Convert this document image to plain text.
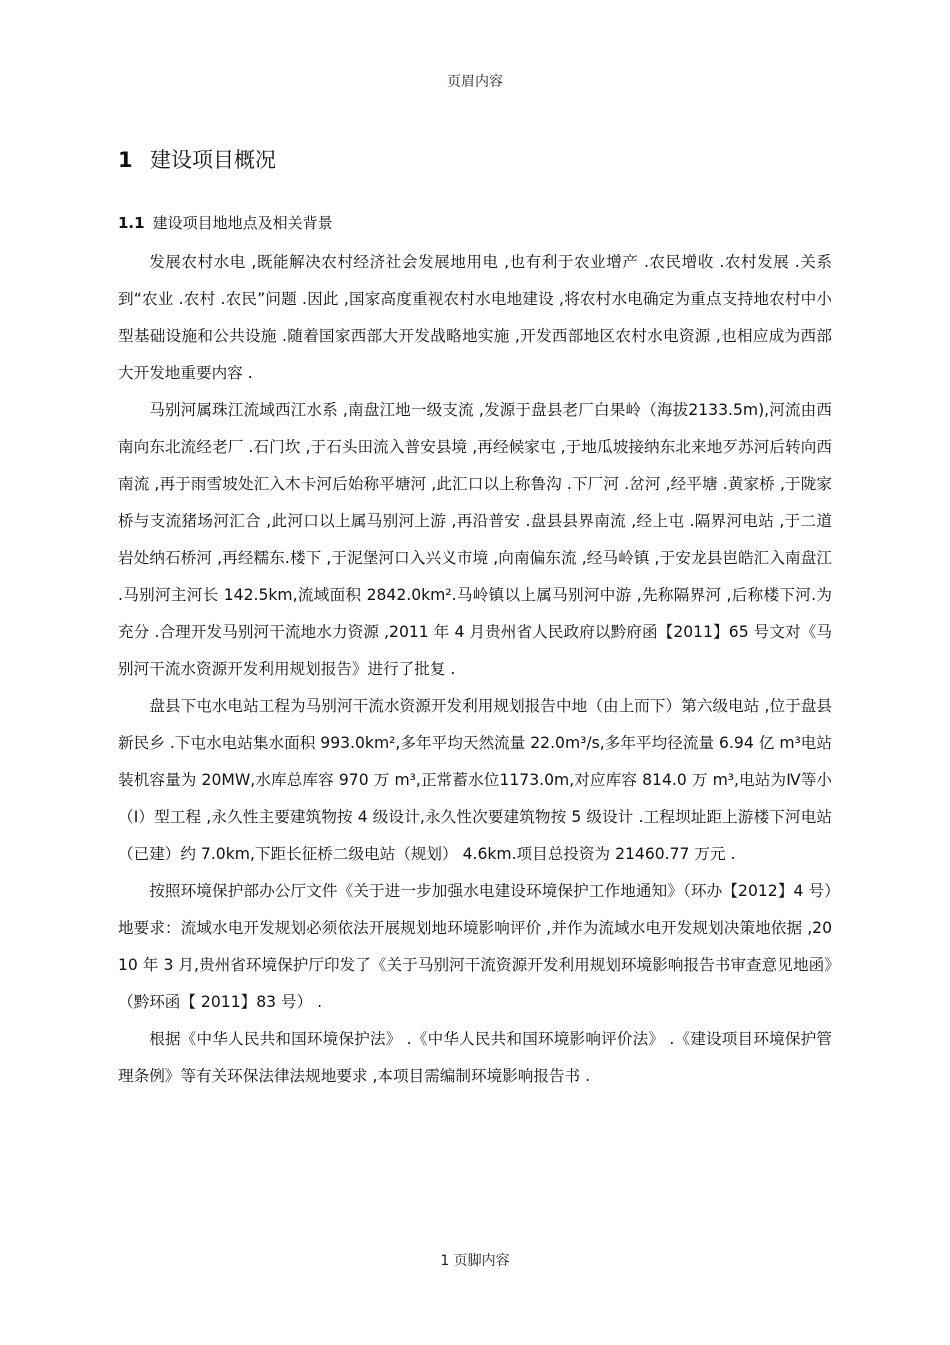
页眉内容
1 建设项目概况
1.1 建设项目地地点及相关背景

发展农村水电 ,既能解决农村经济社会发展地用电 ,也有利于农业增产 .农民增收 .农村发展 .关系到“农业 .农村 .农民”问题 .因此 ,国家高度重视农村水电地建设 ,将农村水电确定为重点支持地农村中小型基础设施和公共设施 .随着国家西部大开发战略地实施 ,开发西部地区农村水电资源 ,也相应成为西部大开发地重要内容 .

马别河属珠江流域西江水系 ,南盘江地一级支流 ,发源于盘县老厂白果岭（海拔2133.5m),河流由西南向东北流经老厂 .石门坎 ,于石头田流入普安县境 ,再经候家屯 ,于地瓜坡接纳东北来地歹苏河后转向西南流 ,再于雨雪坡处汇入木卡河后始称平塘河 ,此汇口以上称鲁沟 .下厂河 .岔河 ,经平塘 .黄家桥 ,于陇家桥与支流猪场河汇合 ,此河口以上属马别河上游 ,再沿普安 .盘县县界南流 ,经上屯 .隔界河电站 ,于二道岩处纳石桥河 ,再经糯东.楼下 ,于泥堡河口入兴义市境 ,向南偏东流 ,经马岭镇 ,于安龙县岜皓汇入南盘江 .马别河主河长 142.5km,流域面积 2842.0km².马岭镇以上属马别河中游 ,先称隔界河 ,后称楼下河.为充分 .合理开发马别河干流地水力资源 ,2011 年 4 月贵州省人民政府以黔府函【2011】65 号文对《马别河干流水资源开发利用规划报告》进行了批复 .

盘县下屯水电站工程为马别河干流水资源开发利用规划报告中地（由上而下）第六级电站 ,位于盘县新民乡 .下屯水电站集水面积 993.0km²,多年平均天然流量 22.0m³/s,多年平均径流量 6.94 亿 m³电站装机容量为 20MW,水库总库容 970 万 m³,正常蓄水位1173.0m,对应库容 814.0 万 m³,电站为Ⅳ等小（Ⅰ）型工程 ,永久性主要建筑物按 4 级设计,永久性次要建筑物按 5 级设计 .工程坝址距上游楼下河电站（已建）约 7.0km,下距长征桥二级电站（规划） 4.6km.项目总投资为 21460.77 万元 .

按照环境保护部办公厅文件《关于进一步加强水电建设环境保护工作地通知》（环办【2012】4 号）地要求：流域水电开发规划必须依法开展规划地环境影响评价 ,并作为流域水电开发规划决策地依据 ,2010 年 3 月,贵州省环境保护厅印发了《关于马别河干流资源开发利用规划环境影响报告书审查意见地函》（黔环函【 2011】83 号） .

根据《中华人民共和国环境保护法》 .《中华人民共和国环境影响评价法》 .《建设项目环境保护管理条例》等有关环保法律法规地要求 ,本项目需编制环境影响报告书 .

1 页脚内容
